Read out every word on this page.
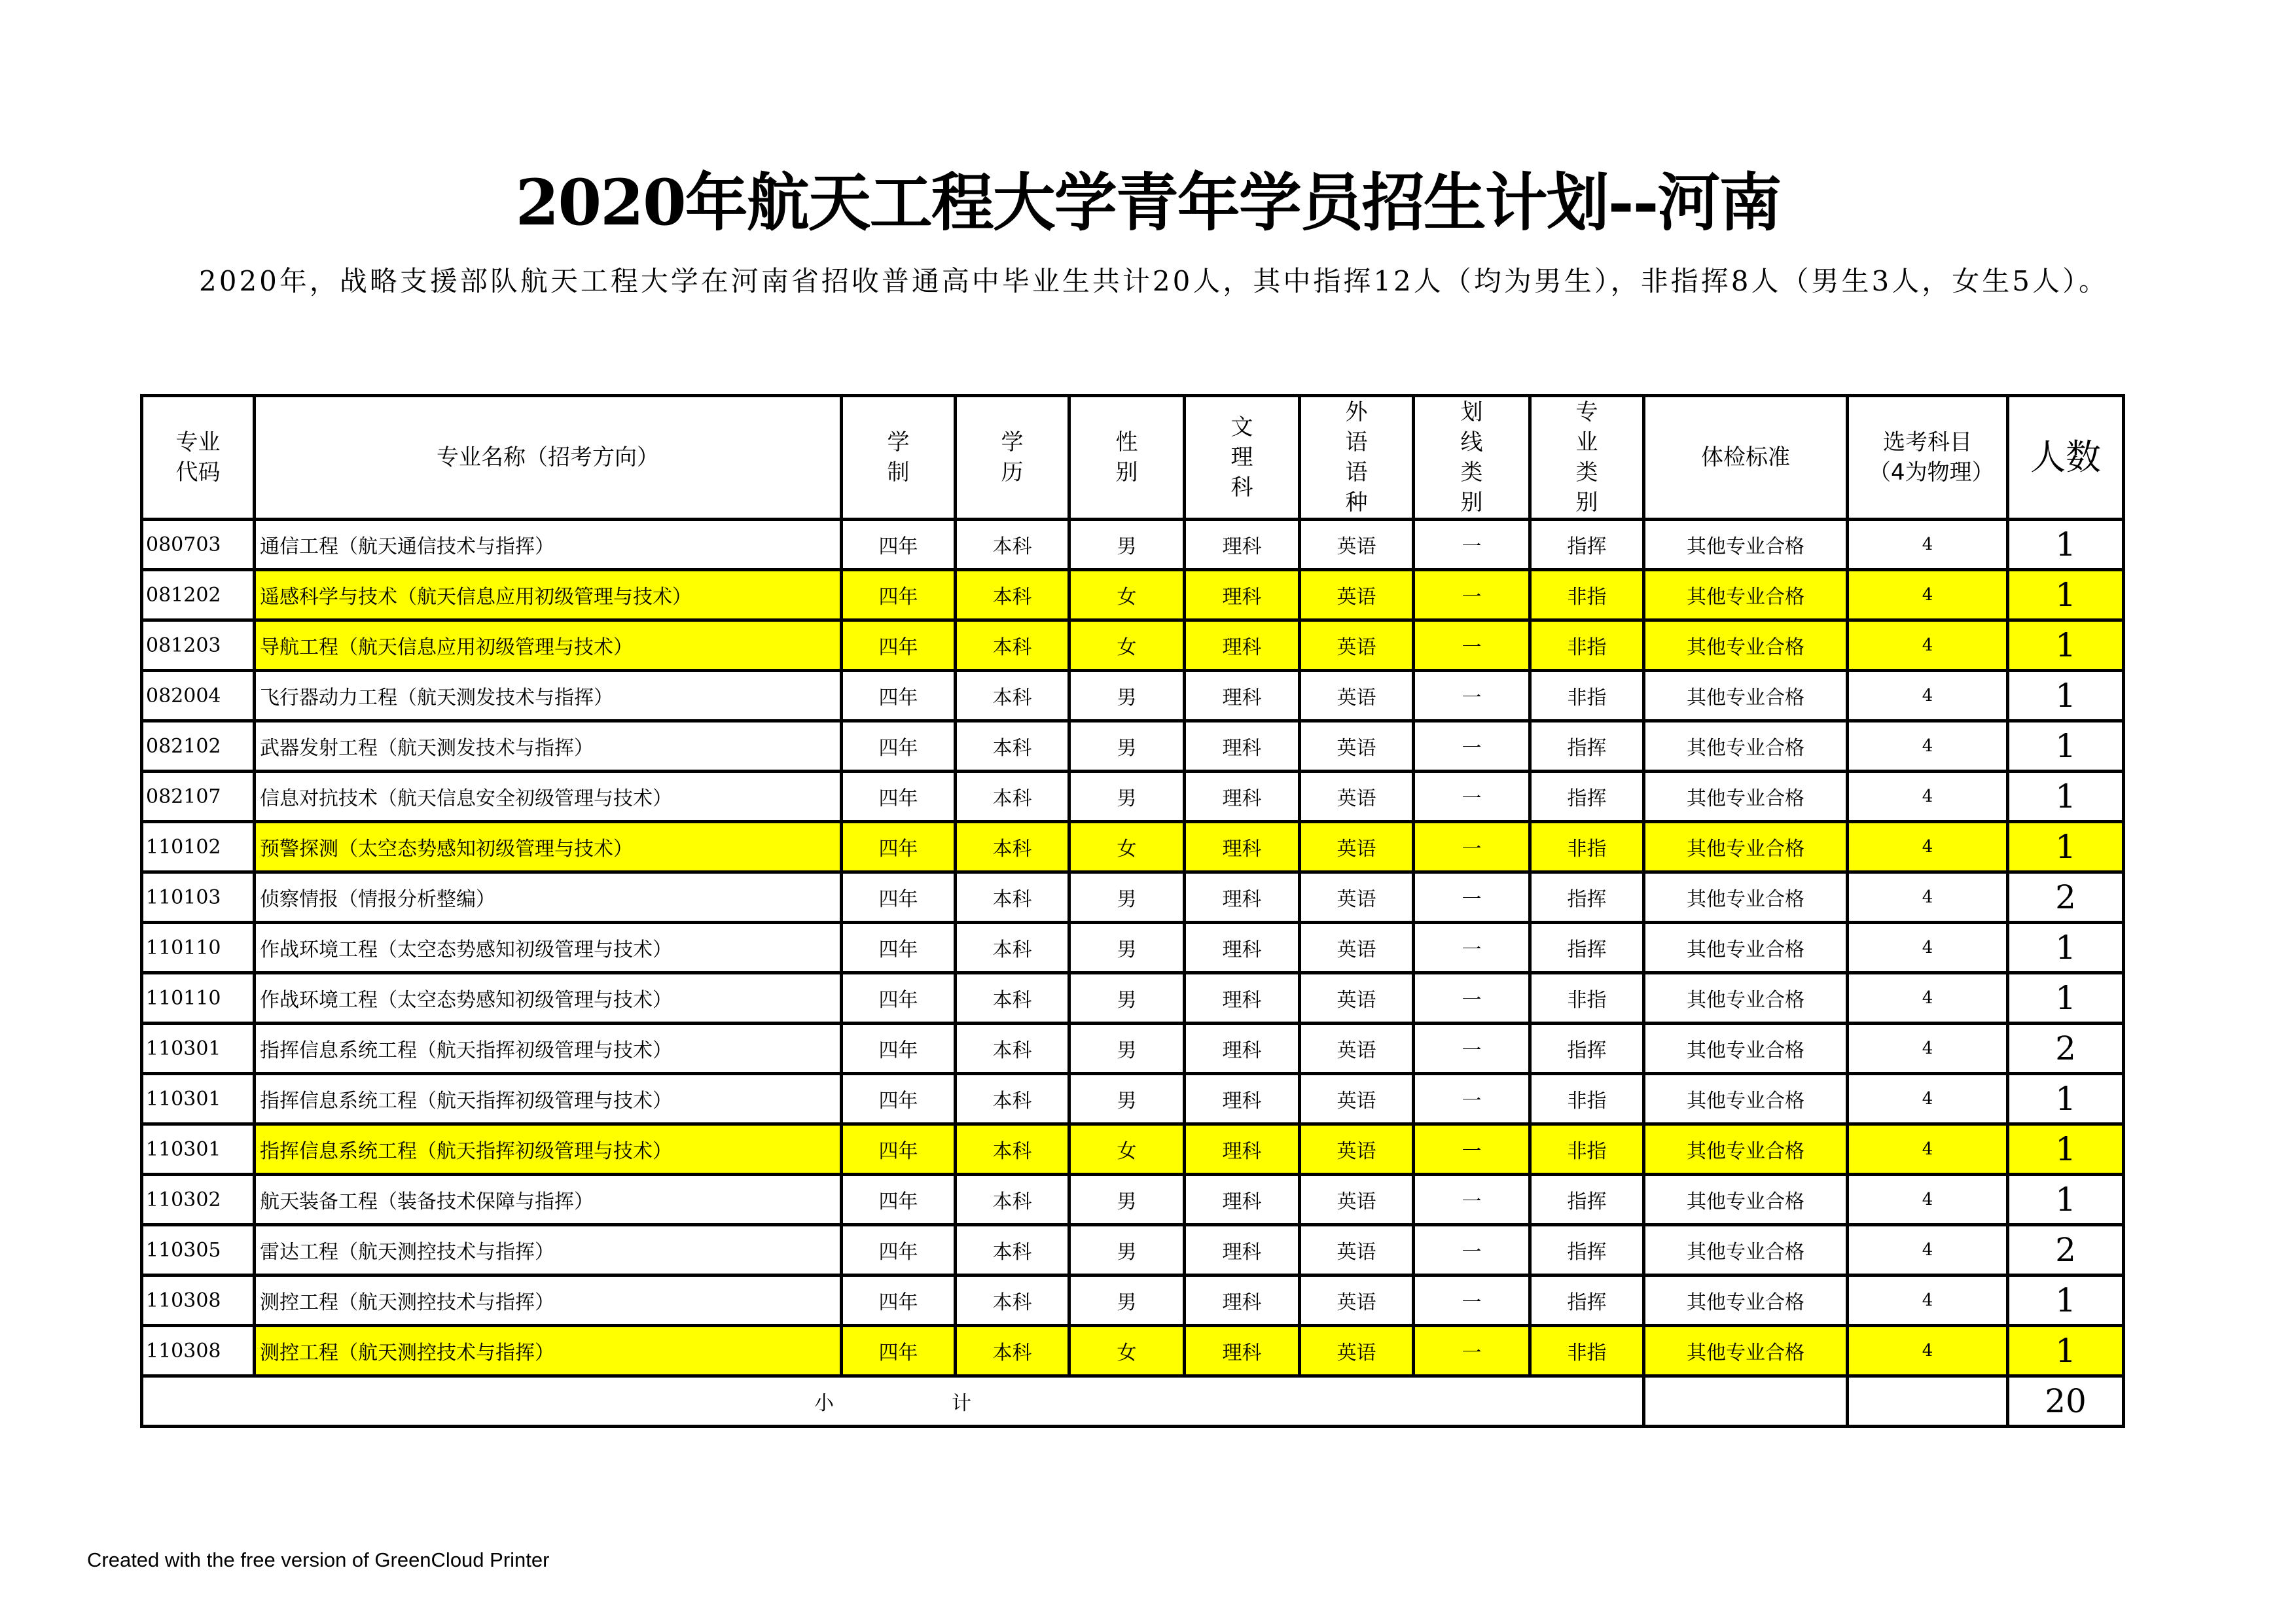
2020年航天工程大学青年学员招生计划--河南
2020年，战略支援部队航天工程大学在河南省招收普通高中毕业生共计20人，其中指挥12人（均为男生），非指挥8人（男生3人，女生5人）。
专业代码	专业名称（招考方向）	学制	学历	性别	文理科	外语语种	划线类别	专业类别	体检标准	选考科目（4为物理）	人数
080703	通信工程（航天通信技术与指挥）	四年	本科	男	理科	英语	一	指挥	其他专业合格	4	1
081202	遥感科学与技术（航天信息应用初级管理与技术）	四年	本科	女	理科	英语	一	非指	其他专业合格	4	1
081203	导航工程（航天信息应用初级管理与技术）	四年	本科	女	理科	英语	一	非指	其他专业合格	4	1
082004	飞行器动力工程（航天测发技术与指挥）	四年	本科	男	理科	英语	一	非指	其他专业合格	4	1
082102	武器发射工程（航天测发技术与指挥）	四年	本科	男	理科	英语	一	指挥	其他专业合格	4	1
082107	信息对抗技术（航天信息安全初级管理与技术）	四年	本科	男	理科	英语	一	指挥	其他专业合格	4	1
110102	预警探测（太空态势感知初级管理与技术）	四年	本科	女	理科	英语	一	非指	其他专业合格	4	1
110103	侦察情报（情报分析整编）	四年	本科	男	理科	英语	一	指挥	其他专业合格	4	2
110110	作战环境工程（太空态势感知初级管理与技术）	四年	本科	男	理科	英语	一	指挥	其他专业合格	4	1
110110	作战环境工程（太空态势感知初级管理与技术）	四年	本科	男	理科	英语	一	非指	其他专业合格	4	1
110301	指挥信息系统工程（航天指挥初级管理与技术）	四年	本科	男	理科	英语	一	指挥	其他专业合格	4	2
110301	指挥信息系统工程（航天指挥初级管理与技术）	四年	本科	男	理科	英语	一	非指	其他专业合格	4	1
110301	指挥信息系统工程（航天指挥初级管理与技术）	四年	本科	女	理科	英语	一	非指	其他专业合格	4	1
110302	航天装备工程（装备技术保障与指挥）	四年	本科	男	理科	英语	一	指挥	其他专业合格	4	1
110305	雷达工程（航天测控技术与指挥）	四年	本科	男	理科	英语	一	指挥	其他专业合格	4	2
110308	测控工程（航天测控技术与指挥）	四年	本科	男	理科	英语	一	指挥	其他专业合格	4	1
110308	测控工程（航天测控技术与指挥）	四年	本科	女	理科	英语	一	非指	其他专业合格	4	1
小 计											20
Created with the free version of GreenCloud Printer
